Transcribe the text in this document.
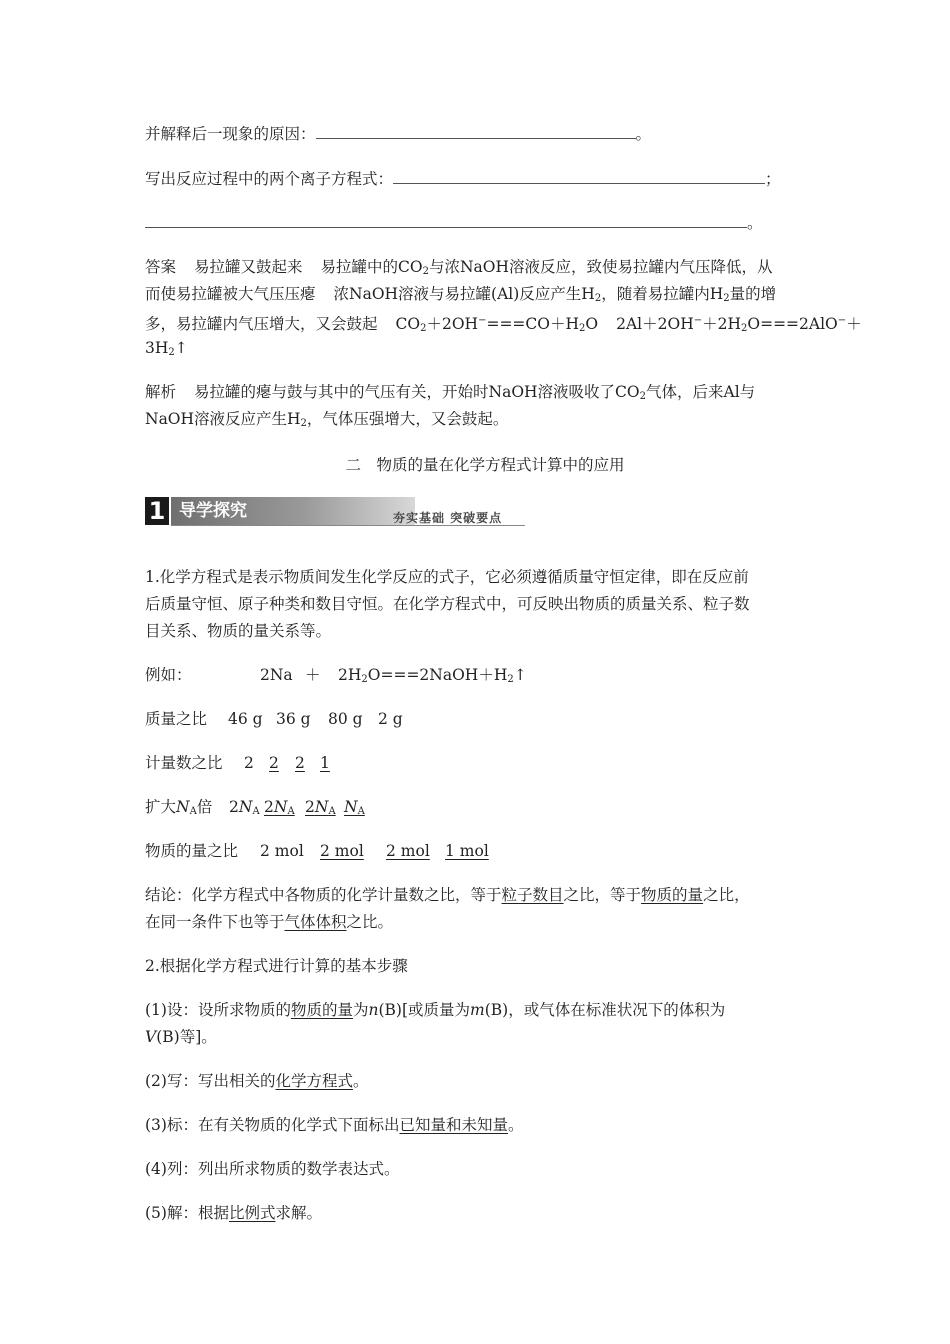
并解释后一现象的原因：	。
写出反应过程中的两个离子方程式：	；
。
答案 易拉罐又鼓起来 易拉罐中的$CO_2$与浓NaOH溶液反应，致使易拉罐内气压降低，从
而使易拉罐被大气压压瘪 浓NaOH溶液与易拉罐(Al)反应产生$H_2$，随着易拉罐内$H_2$量的增
多，易拉罐内气压增大，又会鼓起 $CO_2+2OH^-===CO+H_2O$ $2Al+2OH^-+2H_2O===2AlO^-+$
$3H_2↑$
解析 易拉罐的瘪与鼓与其中的气压有关，开始时NaOH溶液吸收了$CO_2$气体，后来Al与
NaOH溶液反应产生$H_2$，气体压强增大，又会鼓起。
二　物质的量在化学方程式计算中的应用
1 导学探究	夯实基础 突破要点
1.化学方程式是表示物质间发生化学反应的式子，它必须遵循质量守恒定律，即在反应前
后质量守恒、原子种类和数目守恒。在化学方程式中，可反映出物质的质量关系、粒子数
目关系、物质的量关系等。
例如：	$2Na + 2H_2O===2NaOH+H_2↑$
质量之比 46 g 36 g 80 g 2 g
计量数之比 2 2 2 1
扩大$N_A$倍 $2N_A$ $2N_A$ $2N_A$ $N_A$
物质的量之比 2 mol 2 mol 2 mol 1 mol
结论：化学方程式中各物质的化学计量数之比，等于粒子数目之比，等于物质的量之比，
在同一条件下也等于气体体积之比。
2.根据化学方程式进行计算的基本步骤
(1)设：设所求物质的物质的量为n(B)[或质量为m(B)，或气体在标准状况下的体积为
V(B)等]。
(2)写：写出相关的化学方程式。
(3)标：在有关物质的化学式下面标出已知量和未知量。
(4)列：列出所求物质的数学表达式。
(5)解：根据比例式求解。
